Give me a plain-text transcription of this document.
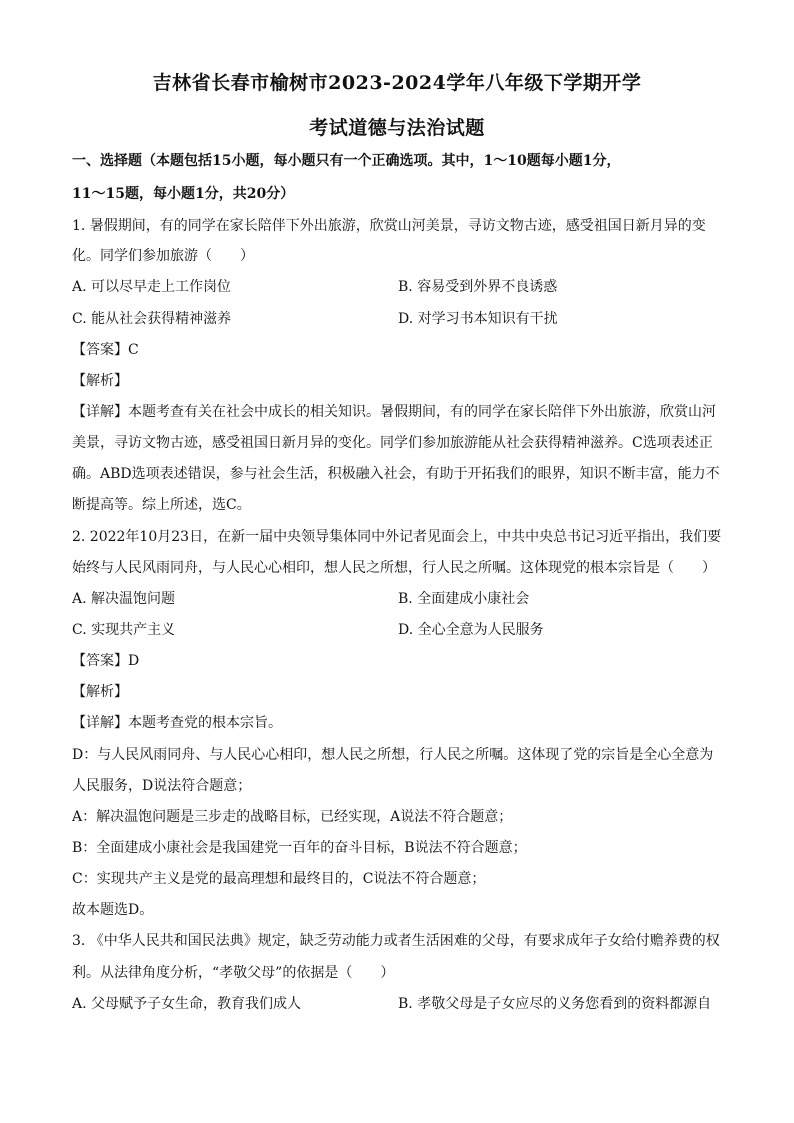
吉林省长春市榆树市2023-2024学年八年级下学期开学
考试道德与法治试题
一、选择题（本题包括15小题，每小题只有一个正确选项。其中，1～10题每小题1分，
11～15题，每小题1分，共20分）
1. 暑假期间，有的同学在家长陪伴下外出旅游，欣赏山河美景，寻访文物古迹，感受祖国日新月异的变
化。同学们参加旅游（　　）
A. 可以尽早走上工作岗位	B. 容易受到外界不良诱惑
C. 能从社会获得精神滋养	D. 对学习书本知识有干扰
【答案】C
【解析】
【详解】本题考查有关在社会中成长的相关知识。暑假期间，有的同学在家长陪伴下外出旅游，欣赏山河
美景，寻访文物古迹，感受祖国日新月异的变化。同学们参加旅游能从社会获得精神滋养。C选项表述正
确。ABD选项表述错误，参与社会生活，积极融入社会，有助于开拓我们的眼界，知识不断丰富，能力不
断提高等。综上所述，选C。
2. 2022年10月23日，在新一届中央领导集体同中外记者见面会上，中共中央总书记习近平指出，我们要
始终与人民风雨同舟，与人民心心相印，想人民之所想，行人民之所嘱。这体现党的根本宗旨是（　　）
A. 解决温饱问题	B. 全面建成小康社会
C. 实现共产主义	D. 全心全意为人民服务
【答案】D
【解析】
【详解】本题考查党的根本宗旨。
D：与人民风雨同舟、与人民心心相印，想人民之所想，行人民之所嘱。这体现了党的宗旨是全心全意为
人民服务，D说法符合题意；
A：解决温饱问题是三步走的战略目标，已经实现，A说法不符合题意；
B：全面建成小康社会是我国建党一百年的奋斗目标，B说法不符合题意；
C：实现共产主义是党的最高理想和最终目的，C说法不符合题意；
故本题选D。
3. 《中华人民共和国民法典》规定，缺乏劳动能力或者生活困难的父母，有要求成年子女给付赡养费的权
利。从法律角度分析，“孝敬父母”的依据是（　　）
A. 父母赋予子女生命，教育我们成人	B. 孝敬父母是子女应尽的义务您看到的资料都源自
